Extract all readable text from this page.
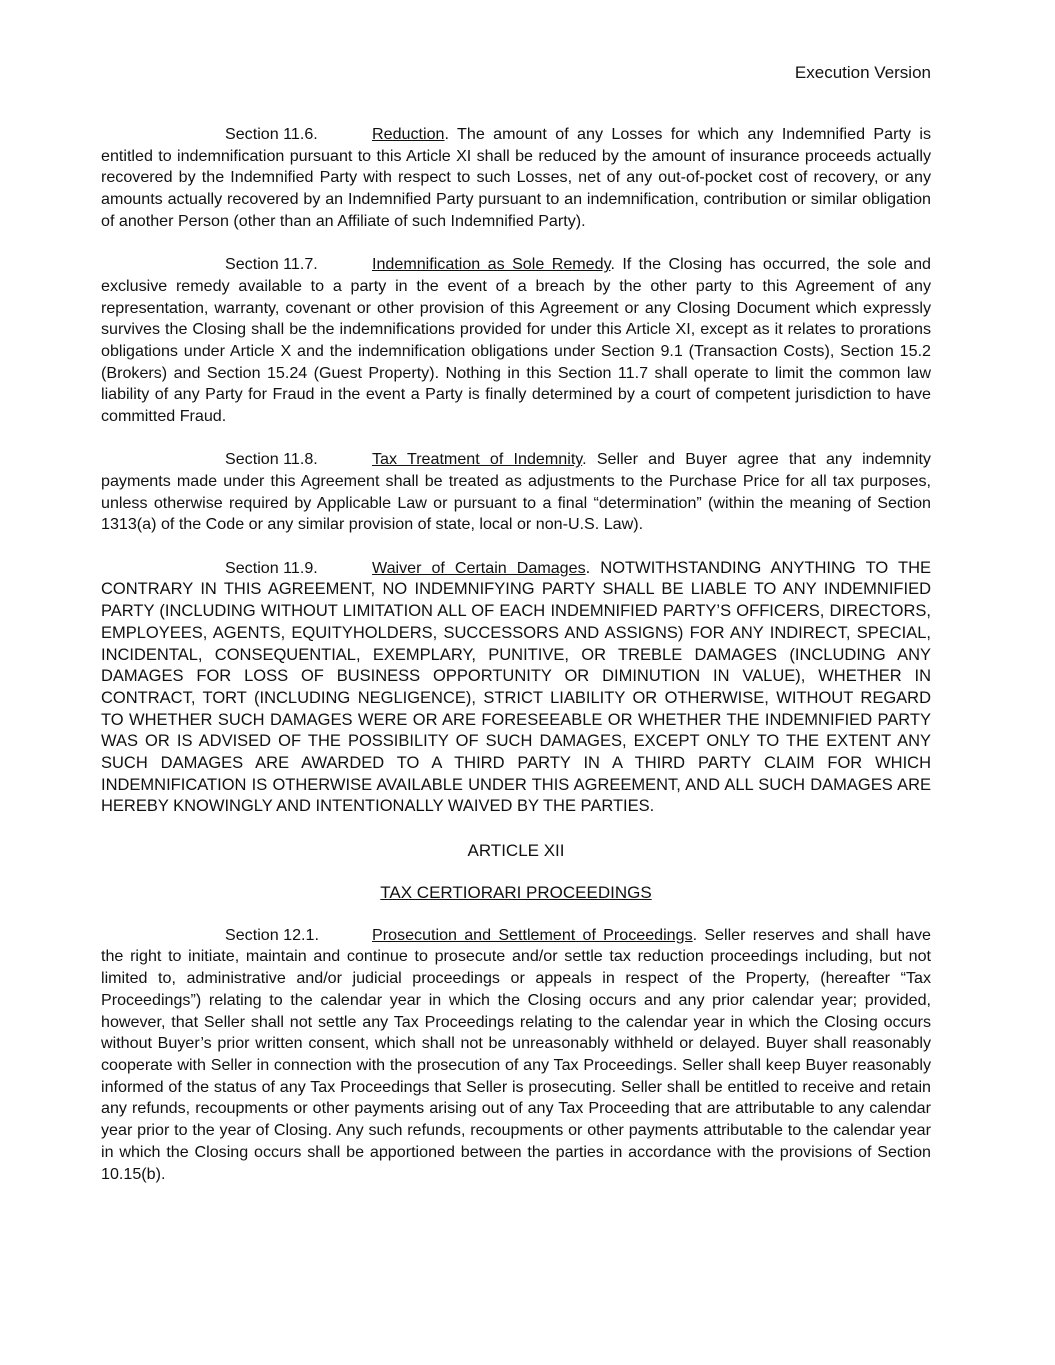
Execution Version

Section 11.6.	Reduction. The amount of any Losses for which any Indemnified Party is entitled to indemnification pursuant to this Article XI shall be reduced by the amount of insurance proceeds actually recovered by the Indemnified Party with respect to such Losses, net of any out-of-pocket cost of recovery, or any amounts actually recovered by an Indemnified Party pursuant to an indemnification, contribution or similar obligation of another Person (other than an Affiliate of such Indemnified Party).

Section 11.7.	Indemnification as Sole Remedy. If the Closing has occurred, the sole and exclusive remedy available to a party in the event of a breach by the other party to this Agreement of any representation, warranty, covenant or other provision of this Agreement or any Closing Document which expressly survives the Closing shall be the indemnifications provided for under this Article XI, except as it relates to prorations obligations under Article X and the indemnification obligations under Section 9.1 (Transaction Costs), Section 15.2 (Brokers) and Section 15.24 (Guest Property). Nothing in this Section 11.7 shall operate to limit the common law liability of any Party for Fraud in the event a Party is finally determined by a court of competent jurisdiction to have committed Fraud.

Section 11.8.	Tax Treatment of Indemnity. Seller and Buyer agree that any indemnity payments made under this Agreement shall be treated as adjustments to the Purchase Price for all tax purposes, unless otherwise required by Applicable Law or pursuant to a final “determination” (within the meaning of Section 1313(a) of the Code or any similar provision of state, local or non-U.S. Law).

Section 11.9.	Waiver of Certain Damages. NOTWITHSTANDING ANYTHING TO THE CONTRARY IN THIS AGREEMENT, NO INDEMNIFYING PARTY SHALL BE LIABLE TO ANY INDEMNIFIED PARTY (INCLUDING WITHOUT LIMITATION ALL OF EACH INDEMNIFIED PARTY’S OFFICERS, DIRECTORS, EMPLOYEES, AGENTS, EQUITYHOLDERS, SUCCESSORS AND ASSIGNS) FOR ANY INDIRECT, SPECIAL, INCIDENTAL, CONSEQUENTIAL, EXEMPLARY, PUNITIVE, OR TREBLE DAMAGES (INCLUDING ANY DAMAGES FOR LOSS OF BUSINESS OPPORTUNITY OR DIMINUTION IN VALUE), WHETHER IN CONTRACT, TORT (INCLUDING NEGLIGENCE), STRICT LIABILITY OR OTHERWISE, WITHOUT REGARD TO WHETHER SUCH DAMAGES WERE OR ARE FORESEEABLE OR WHETHER THE INDEMNIFIED PARTY WAS OR IS ADVISED OF THE POSSIBILITY OF SUCH DAMAGES, EXCEPT ONLY TO THE EXTENT ANY SUCH DAMAGES ARE AWARDED TO A THIRD PARTY IN A THIRD PARTY CLAIM FOR WHICH INDEMNIFICATION IS OTHERWISE AVAILABLE UNDER THIS AGREEMENT, AND ALL SUCH DAMAGES ARE HEREBY KNOWINGLY AND INTENTIONALLY WAIVED BY THE PARTIES.

ARTICLE XII
TAX CERTIORARI PROCEEDINGS

Section 12.1.	Prosecution and Settlement of Proceedings. Seller reserves and shall have the right to initiate, maintain and continue to prosecute and/or settle tax reduction proceedings including, but not limited to, administrative and/or judicial proceedings or appeals in respect of the Property, (hereafter “Tax Proceedings”) relating to the calendar year in which the Closing occurs and any prior calendar year; provided, however, that Seller shall not settle any Tax Proceedings relating to the calendar year in which the Closing occurs without Buyer’s prior written consent, which shall not be unreasonably withheld or delayed. Buyer shall reasonably cooperate with Seller in connection with the prosecution of any Tax Proceedings. Seller shall keep Buyer reasonably informed of the status of any Tax Proceedings that Seller is prosecuting. Seller shall be entitled to receive and retain any refunds, recoupments or other payments arising out of any Tax Proceeding that are attributable to any calendar year prior to the year of Closing. Any such refunds, recoupments or other payments attributable to the calendar year in which the Closing occurs shall be apportioned between the parties in accordance with the provisions of Section 10.15(b).
